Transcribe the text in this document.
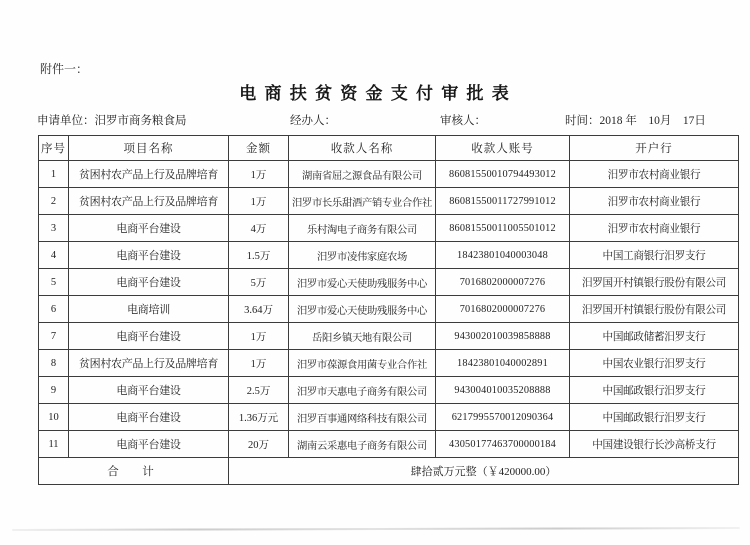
附件一：
电 商 扶 贫 资 金 支 付 审 批 表
申请单位：汨罗市商务粮食局	经办人：	审核人：	时间：2018 年　10月　17日
序号	项目名称	金额	收款人名称	收款人账号	开户行
1	贫困村农产品上行及品牌培育	1万	湖南省屈之源食品有限公司	86081550010794493012	汨罗市农村商业银行
2	贫困村农产品上行及品牌培育	1万	汨罗市长乐甜酒产销专业合作社	86081550011727991012	汨罗市农村商业银行
3	电商平台建设	4万	乐村淘电子商务有限公司	86081550011005501012	汨罗市农村商业银行
4	电商平台建设	1.5万	汨罗市凌伟家庭农场	18423801040003048	中国工商银行汨罗支行
5	电商平台建设	5万	汨罗市爱心天使助残服务中心	7016802000007276	汨罗国开村镇银行股份有限公司
6	电商培训	3.64万	汨罗市爱心天使助残服务中心	7016802000007276	汨罗国开村镇银行股份有限公司
7	电商平台建设	1万	岳阳乡镇天地有限公司	943002010039858888	中国邮政储蓄汨罗支行
8	贫困村农产品上行及品牌培育	1万	汨罗市葆源食用菌专业合作社	18423801040002891	中国农业银行汨罗支行
9	电商平台建设	2.5万	汨罗市天惠电子商务有限公司	943004010035208888	中国邮政银行汨罗支行
10	电商平台建设	1.36万元	汨罗百事通网络科技有限公司	6217995570012090364	中国邮政银行汨罗支行
11	电商平台建设	20万	湖南云采惠电子商务有限公司	43050177463700000184	中国建设银行长沙高桥支行
合　计		肆拾贰万元整（￥420000.00）			
